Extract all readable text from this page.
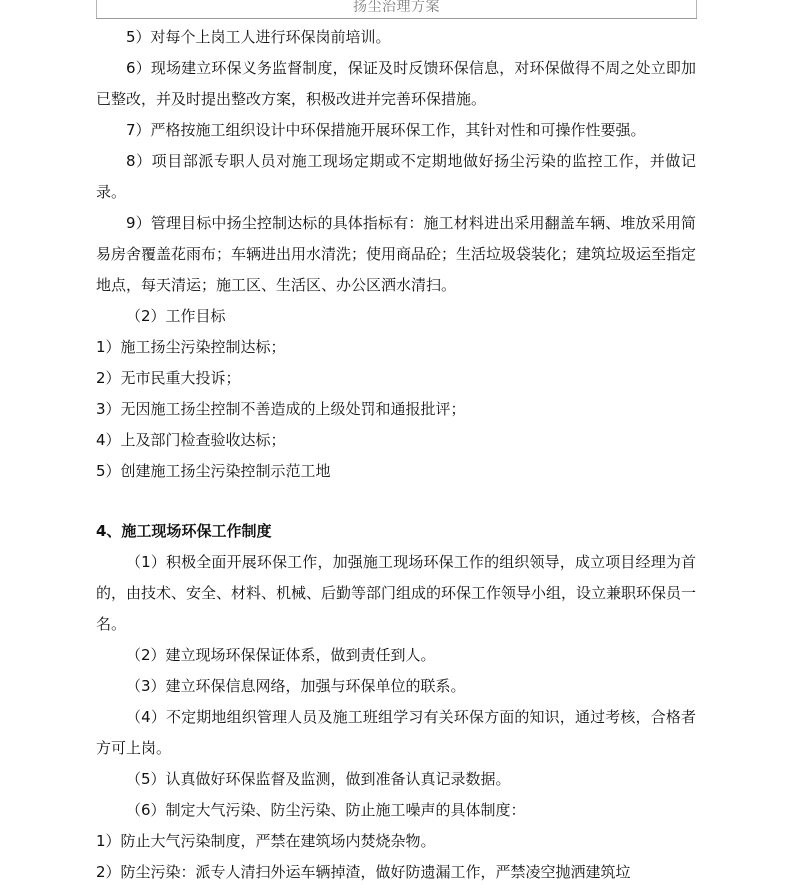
扬尘治理方案

5）对每个上岗工人进行环保岗前培训。

6）现场建立环保义务监督制度，保证及时反馈环保信息，对环保做得不周之处立即加已整改，并及时提出整改方案，积极改进并完善环保措施。

7）严格按施工组织设计中环保措施开展环保工作，其针对性和可操作性要强。

8）项目部派专职人员对施工现场定期或不定期地做好扬尘污染的监控工作，并做记录。

9）管理目标中扬尘控制达标的具体指标有：施工材料进出采用翻盖车辆、堆放采用简易房舍覆盖花雨布；车辆进出用水清洗；使用商品砼；生活垃圾袋装化；建筑垃圾运至指定地点，每天清运；施工区、生活区、办公区洒水清扫。

（2）工作目标

1）施工扬尘污染控制达标；

2）无市民重大投诉；

3）无因施工扬尘控制不善造成的上级处罚和通报批评；

4）上及部门检查验收达标；

5）创建施工扬尘污染控制示范工地

4、施工现场环保工作制度

（1）积极全面开展环保工作，加强施工现场环保工作的组织领导，成立项目经理为首的，由技术、安全、材料、机械、后勤等部门组成的环保工作领导小组，设立兼职环保员一名。

（2）建立现场环保保证体系，做到责任到人。

（3）建立环保信息网络，加强与环保单位的联系。

（4）不定期地组织管理人员及施工班组学习有关环保方面的知识，通过考核，合格者方可上岗。

（5）认真做好环保监督及监测，做到准备认真记录数据。

（6）制定大气污染、防尘污染、防止施工噪声的具体制度：

1）防止大气污染制度，严禁在建筑场内焚烧杂物。

2）防尘污染：派专人清扫外运车辆掉渣，做好防遗漏工作，严禁凌空抛洒建筑垃
